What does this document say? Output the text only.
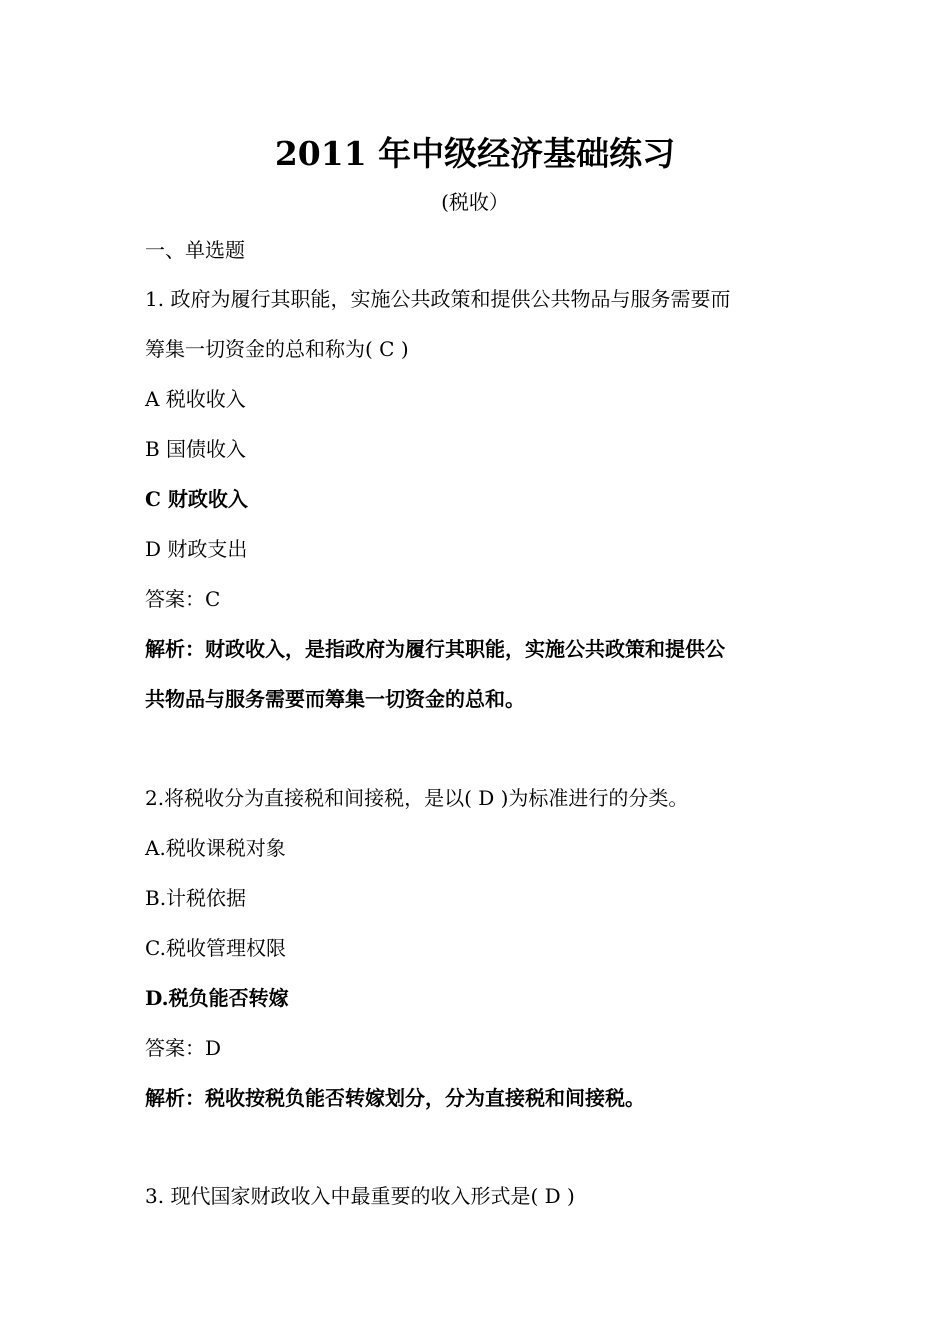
2011 年中级经济基础练习
(税收）
一、单选题
1. 政府为履行其职能，实施公共政策和提供公共物品与服务需要而
筹集一切资金的总和称为( C )
A 税收收入
B 国债收入
C 财政收入
D 财政支出
答案：C
解析：财政收入，是指政府为履行其职能，实施公共政策和提供公
共物品与服务需要而筹集一切资金的总和。
2.将税收分为直接税和间接税，是以( D )为标准进行的分类。
A.税收课税对象
B.计税依据
C.税收管理权限
D.税负能否转嫁
答案：D
解析：税收按税负能否转嫁划分，分为直接税和间接税。
3. 现代国家财政收入中最重要的收入形式是( D )
